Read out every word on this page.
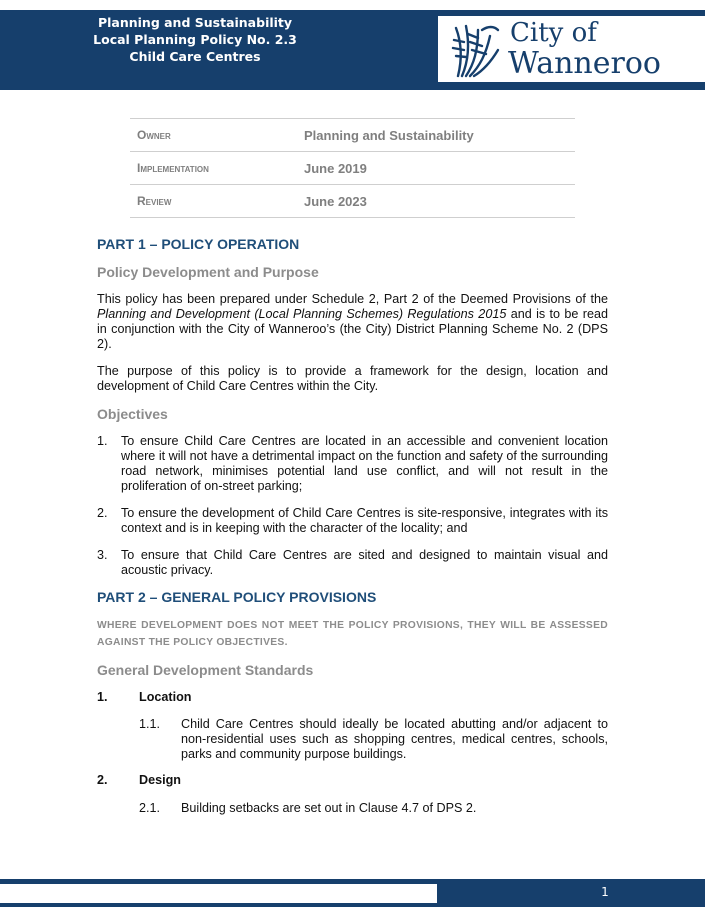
Planning and Sustainability
Local Planning Policy No. 2.3
Child Care Centres
City of
Wanneroo
Owner	Planning and Sustainability
Implementation	June 2019
Review	June 2023
PART 1 – POLICY OPERATION
Policy Development and Purpose

This policy has been prepared under Schedule 2, Part 2 of the Deemed Provisions of the Planning and Development (Local Planning Schemes) Regulations 2015 and is to be read in conjunction with the City of Wanneroo’s (the City) District Planning Scheme No. 2 (DPS 2).

The purpose of this policy is to provide a framework for the design, location and development of Child Care Centres within the City.

Objectives
1. To ensure Child Care Centres are located in an accessible and convenient location where it will not have a detrimental impact on the function and safety of the surrounding road network, minimises potential land use conflict, and will not result in the proliferation of on-street parking;
2. To ensure the development of Child Care Centres is site-responsive, integrates with its context and is in keeping with the character of the locality; and
3. To ensure that Child Care Centres are sited and designed to maintain visual and acoustic privacy.
PART 2 – GENERAL POLICY PROVISIONS
WHERE DEVELOPMENT DOES NOT MEET THE POLICY PROVISIONS, THEY WILL BE ASSESSED AGAINST THE POLICY OBJECTIVES.
General Development Standards
1. Location
1.1. Child Care Centres should ideally be located abutting and/or adjacent to non-residential uses such as shopping centres, medical centres, schools, parks and community purpose buildings.
2. Design
2.1. Building setbacks are set out in Clause 4.7 of DPS 2.
1
